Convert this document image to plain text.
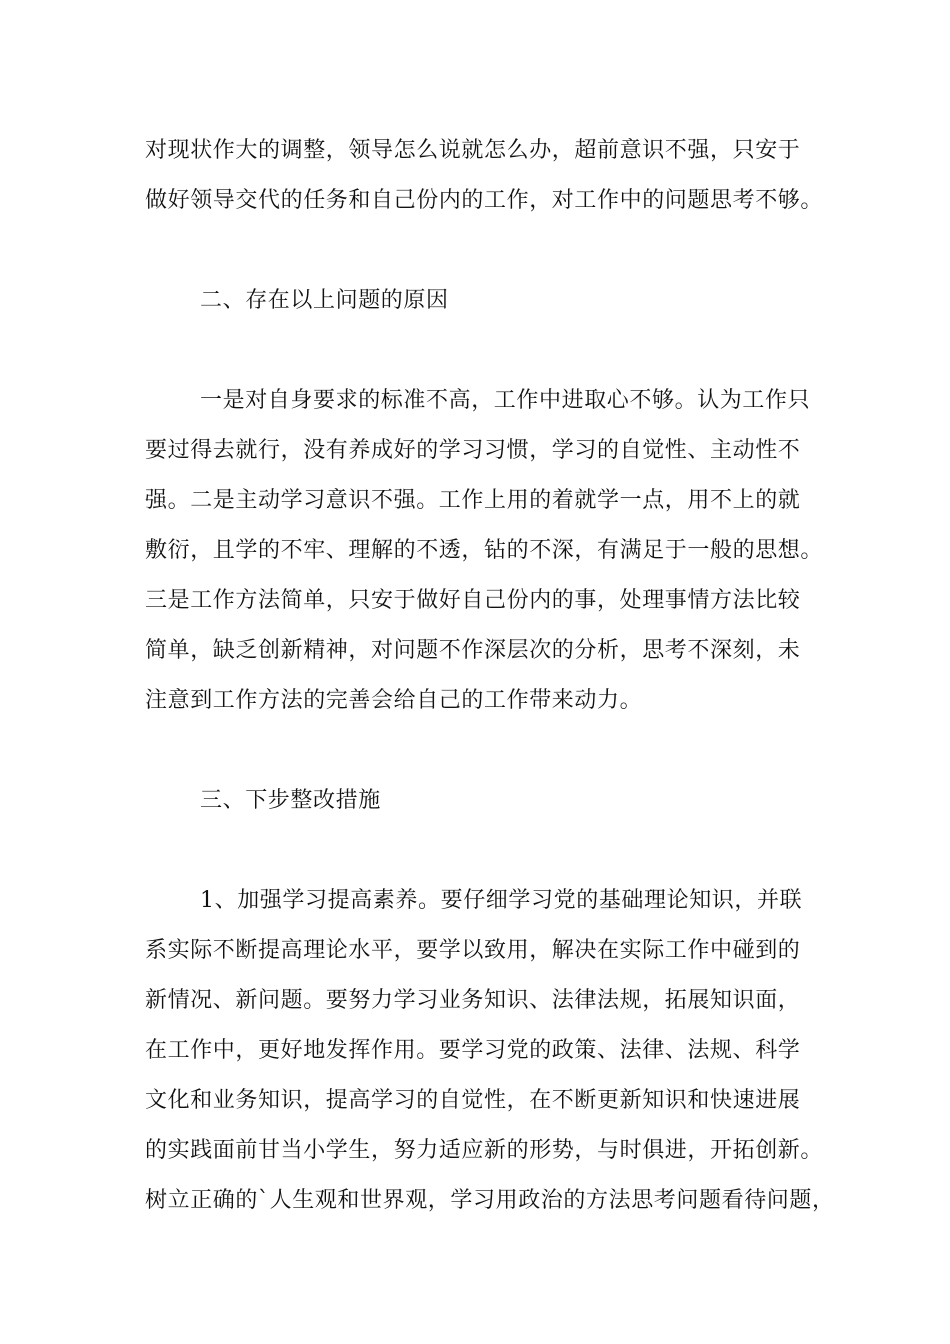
对现状作大的调整，领导怎么说就怎么办，超前意识不强，只安于
做好领导交代的任务和自己份内的工作，对工作中的问题思考不够。
二、存在以上问题的原因
一是对自身要求的标准不高，工作中进取心不够。认为工作只
要过得去就行，没有养成好的学习习惯，学习的自觉性、主动性不
强。二是主动学习意识不强。工作上用的着就学一点，用不上的就
敷衍，且学的不牢、理解的不透，钻的不深，有满足于一般的思想。
三是工作方法简单，只安于做好自己份内的事，处理事情方法比较
简单，缺乏创新精神，对问题不作深层次的分析，思考不深刻，未
注意到工作方法的完善会给自己的工作带来动力。
三、下步整改措施
1、加强学习提高素养。要仔细学习党的基础理论知识，并联
系实际不断提高理论水平，要学以致用，解决在实际工作中碰到的
新情况、新问题。要努力学习业务知识、法律法规，拓展知识面，
在工作中，更好地发挥作用。要学习党的政策、法律、法规、科学
文化和业务知识，提高学习的自觉性，在不断更新知识和快速进展
的实践面前甘当小学生，努力适应新的形势，与时俱进，开拓创新。
树立正确的`人生观和世界观，学习用政治的方法思考问题看待问题，
